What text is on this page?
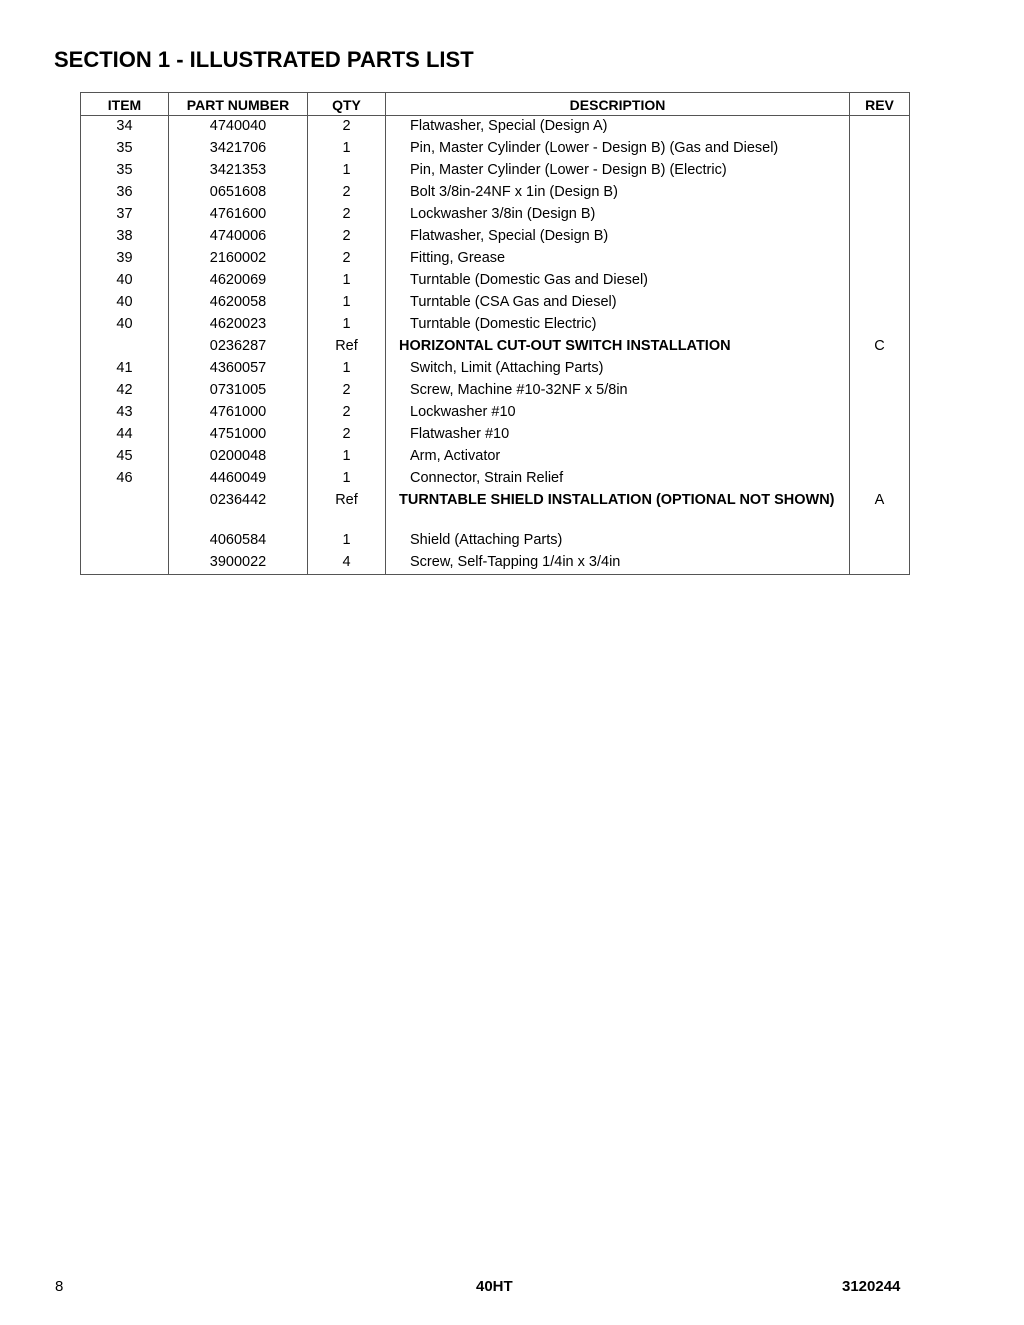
SECTION 1 - ILLUSTRATED PARTS LIST
ITEM	PART NUMBER	QTY	DESCRIPTION	REV
34	4740040	2	Flatwasher, Special (Design A)	
35	3421706	1	Pin, Master Cylinder (Lower - Design B) (Gas and Diesel)	
35	3421353	1	Pin, Master Cylinder (Lower - Design B) (Electric)	
36	0651608	2	Bolt 3/8in-24NF x 1in (Design B)	
37	4761600	2	Lockwasher 3/8in (Design B)	
38	4740006	2	Flatwasher, Special (Design B)	
39	2160002	2	Fitting, Grease	
40	4620069	1	Turntable (Domestic Gas and Diesel)	
40	4620058	1	Turntable (CSA Gas and Diesel)	
40	4620023	1	Turntable (Domestic Electric)	
	0236287	Ref	HORIZONTAL CUT-OUT SWITCH INSTALLATION	C
41	4360057	1	Switch, Limit (Attaching Parts)	
42	0731005	2	Screw, Machine #10-32NF x 5/8in	
43	4761000	2	Lockwasher #10	
44	4751000	2	Flatwasher #10	
45	0200048	1	Arm, Activator	
46	4460049	1	Connector, Strain Relief	
	0236442	Ref	TURNTABLE SHIELD INSTALLATION (OPTIONAL NOT SHOWN)	A
	4060584	1	Shield (Attaching Parts)	
	3900022	4	Screw, Self-Tapping 1/4in x 3/4in	
8	40HT	3120244
